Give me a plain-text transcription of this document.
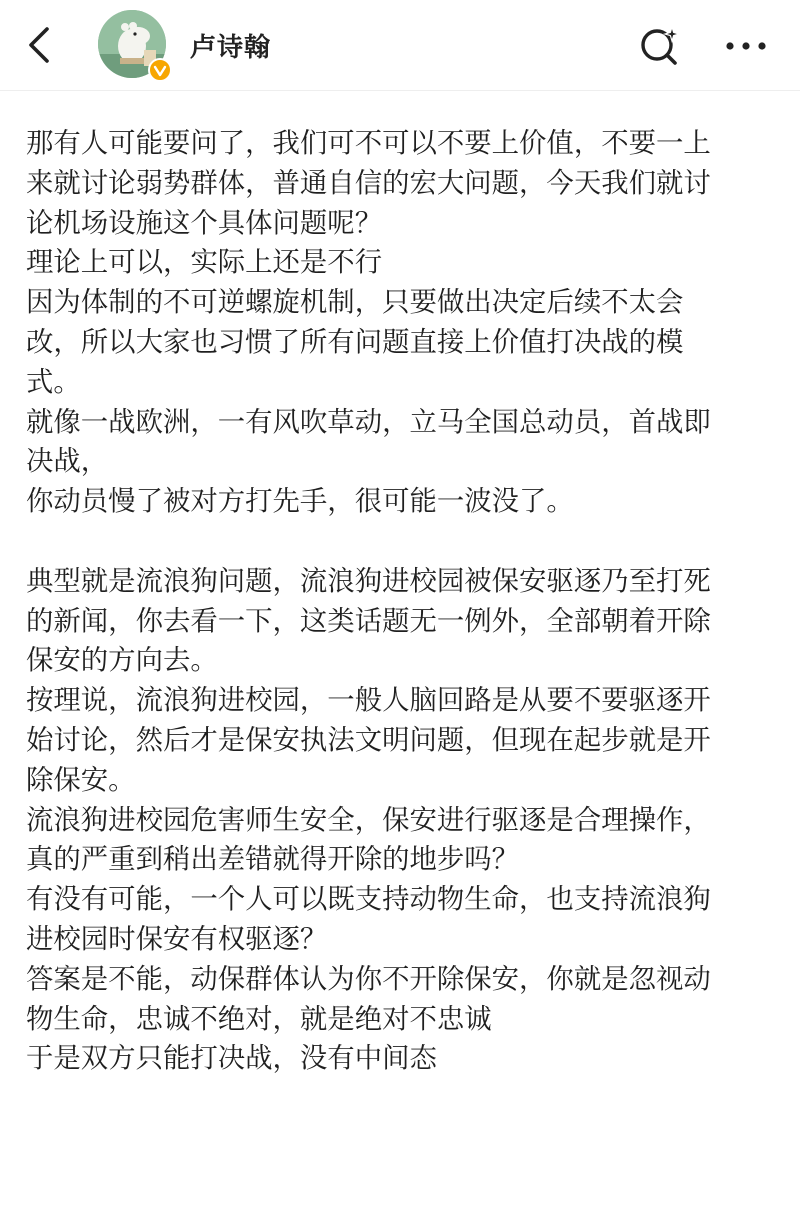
卢诗翰

那有人可能要问了，我们可不可以不要上价值，不要一上

来就讨论弱势群体，普通自信的宏大问题，今天我们就讨

论机场设施这个具体问题呢？

理论上可以，实际上还是不行

因为体制的不可逆螺旋机制，只要做出决定后续不太会

改，所以大家也习惯了所有问题直接上价值打决战的模

式。

就像一战欧洲，一有风吹草动，立马全国总动员，首战即

决战，

你动员慢了被对方打先手，很可能一波没了。

典型就是流浪狗问题，流浪狗进校园被保安驱逐乃至打死

的新闻，你去看一下，这类话题无一例外，全部朝着开除

保安的方向去。

按理说，流浪狗进校园，一般人脑回路是从要不要驱逐开

始讨论，然后才是保安执法文明问题，但现在起步就是开

除保安。

流浪狗进校园危害师生安全，保安进行驱逐是合理操作，

真的严重到稍出差错就得开除的地步吗？

有没有可能，一个人可以既支持动物生命，也支持流浪狗

进校园时保安有权驱逐？

答案是不能，动保群体认为你不开除保安，你就是忽视动

物生命，忠诚不绝对，就是绝对不忠诚

于是双方只能打决战，没有中间态
